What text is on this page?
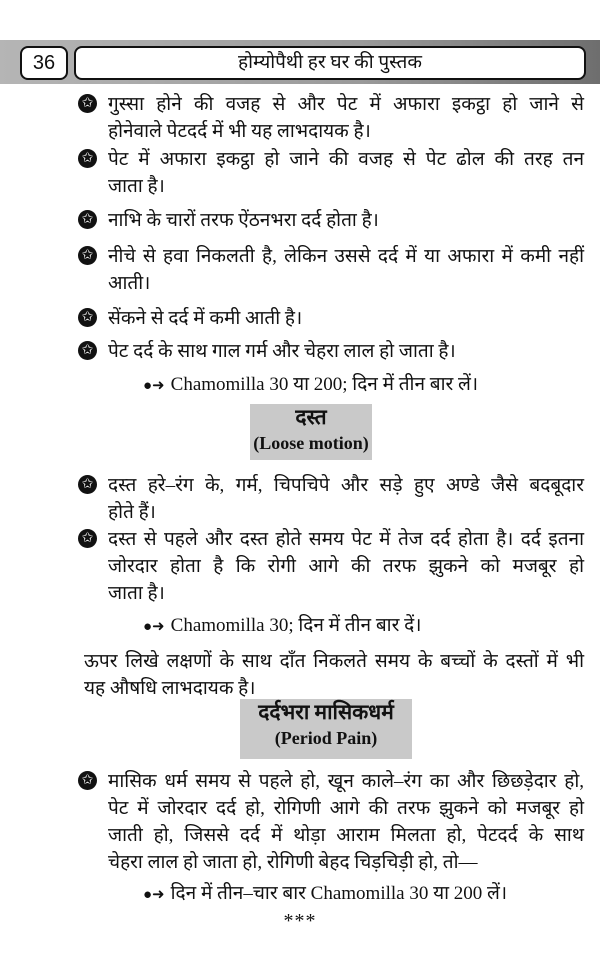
36	होम्योपैथी हर घर की पुस्तक
✩ गुस्सा होने की वजह से और पेट में अफारा इकट्ठा हो जाने से
होनेवाले पेटदर्द में भी यह लाभदायक है।
✩ पेट में अफारा इकट्ठा हो जाने की वजह से पेट ढोल की तरह तन
जाता है।
✩ नाभि के चारों तरफ ऐंठनभरा दर्द होता है।
✩ नीचे से हवा निकलती है, लेकिन उससे दर्द में या अफारा में कमी नहीं
आती।
✩ सेंकने से दर्द में कमी आती है।
✩ पेट दर्द के साथ गाल गर्म और चेहरा लाल हो जाता है।
●➜ Chamomilla 30 या 200; दिन में तीन बार लें।
दस्त
(Loose motion)
✩ दस्त हरे–रंग के, गर्म, चिपचिपे और सड़े हुए अण्डे जैसे बदबूदार
होते हैं।
✩ दस्त से पहले और दस्त होते समय पेट में तेज दर्द होता है। दर्द इतना
जोरदार होता है कि रोगी आगे की तरफ झुकने को मजबूर हो
जाता है।
●➜ Chamomilla 30; दिन में तीन बार दें।
ऊपर लिखे लक्षणों के साथ दाँत निकलते समय के बच्चों के दस्तों में भी
यह औषधि लाभदायक है।
दर्दभरा मासिकधर्म
(Period Pain)
✩ मासिक धर्म समय से पहले हो, खून काले–रंग का और छिछड़ेदार हो,
पेट में जोरदार दर्द हो, रोगिणी आगे की तरफ झुकने को मजबूर हो
जाती हो, जिससे दर्द में थोड़ा आराम मिलता हो, पेटदर्द के साथ
चेहरा लाल हो जाता हो, रोगिणी बेहद चिड़चिड़ी हो, तो—
●➜ दिन में तीन–चार बार Chamomilla 30 या 200 लें।
***
